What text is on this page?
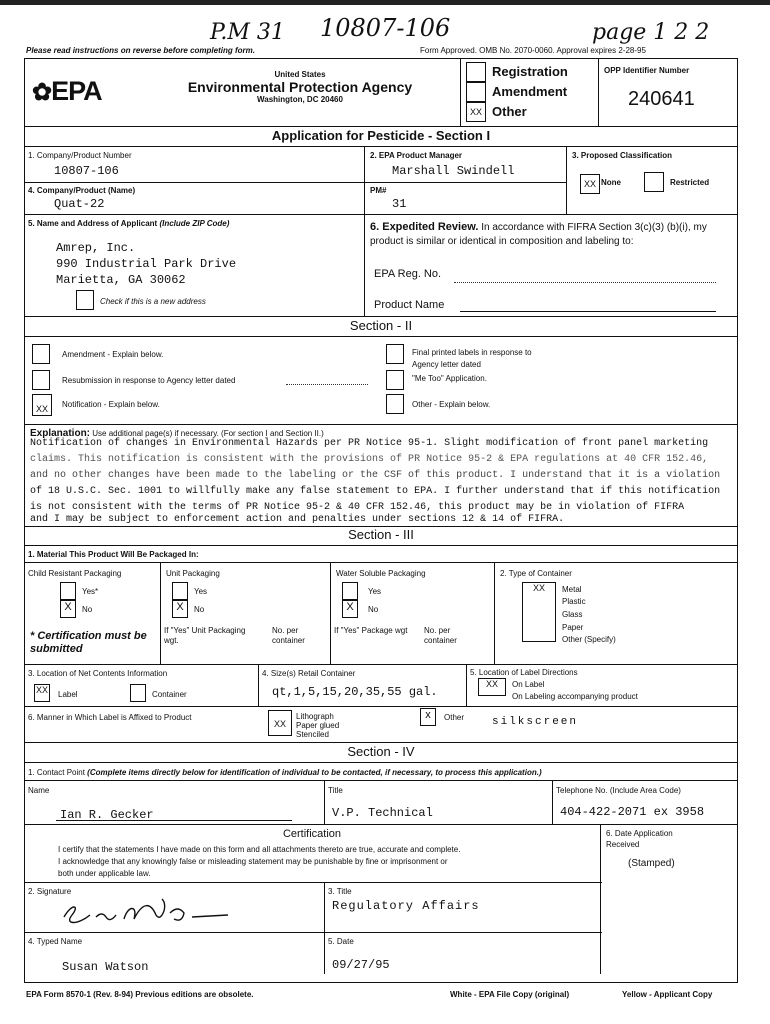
P.M 31 10807-106	page 1 2 2
Please read instructions on reverse before completing form.	Form Approved. OMB No. 2070-0060. Approval expires 2-28-95
✿EPA
United States
Environmental Protection Agency
Washington, DC 20460
Registration
Amendment
XX Other
OPP Identifier Number
240641
Application for Pesticide - Section I
1. Company/Product Number
10807-106
2. EPA Product Manager
Marshall Swindell
3. Proposed Classification
XX None	Restricted
4. Company/Product (Name)
Quat-22
PM#
31
5. Name and Address of Applicant (Include ZIP Code)
Amrep, Inc.
990 Industrial Park Drive
Marietta, GA 30062
Check if this is a new address
6. Expedited Review. In accordance with FIFRA Section 3(c)(3) (b)(i), my product is similar or identical in composition and labeling to:
EPA Reg. No.
Product Name
Section - II
Amendment - Explain below.
Resubmission in response to Agency letter dated
XX	Notification - Explain below.
Final printed labels in response to
Agency letter dated
"Me Too" Application.
Other - Explain below.
Explanation: Use additional page(s) if necessary. (For section I and Section II.)
Notification of changes in Environmental Hazards per PR Notice 95-1. Slight modification of front panel marketing
claims. This notification is consistent with the provisions of PR Notice 95-2 & EPA regulations at 40 CFR 152.46,
and no other changes have been made to the labeling or the CSF of this product. I understand that it is a violation
of 18 U.S.C. Sec. 1001 to willfully make any false statement to EPA. I further understand that if this notification
is not consistent with the terms of PR Notice 95-2 & 40 CFR 152.46, this product may be in violation of FIFRA
and I may be subject to enforcement action and penalties under sections 12 & 14 of FIFRA.
Section - III
1. Material This Product Will Be Packaged In:
Child Resistant Packaging
Yes*
X	No
* Certification must be submitted
Unit Packaging
Yes
X	No
If "Yes" Unit Packaging wgt.
No. per container
Water Soluble Packaging
Yes
X	No
If "Yes" Package wgt	No. per container
2. Type of Container
XX	Metal
Plastic
Glass
Paper
Other (Specify)
3. Location of Net Contents Information
XX Label	Container
4. Size(s) Retail Container
qt,1,5,15,20,35,55 gal.
5. Location of Label Directions
XX	On Label
On Labeling accompanying product
6. Manner in Which Label is Affixed to Product
XX
Lithograph
Paper glued
Stenciled
x	Other	silkscreen
Section - IV
1. Contact Point (Complete items directly below for identification of individual to be contacted, if necessary, to process this application.)
Name
Ian R. Gecker
Title
V.P. Technical
Telephone No. (Include Area Code)
404-422-2071 ex 3958
Certification
I certify that the statements I have made on this form and all attachments thereto are true, accurate and complete.
I acknowledge that any knowingly false or misleading statement may be punishable by fine or imprisonment or
both under applicable law.
6. Date Application Received
(Stamped)
2. Signature	3. Title
Regulatory Affairs
4. Typed Name
Susan Watson
5. Date
09/27/95
EPA Form 8570-1 (Rev. 8-94) Previous editions are obsolete.	White - EPA File Copy (original)	Yellow - Applicant Copy
